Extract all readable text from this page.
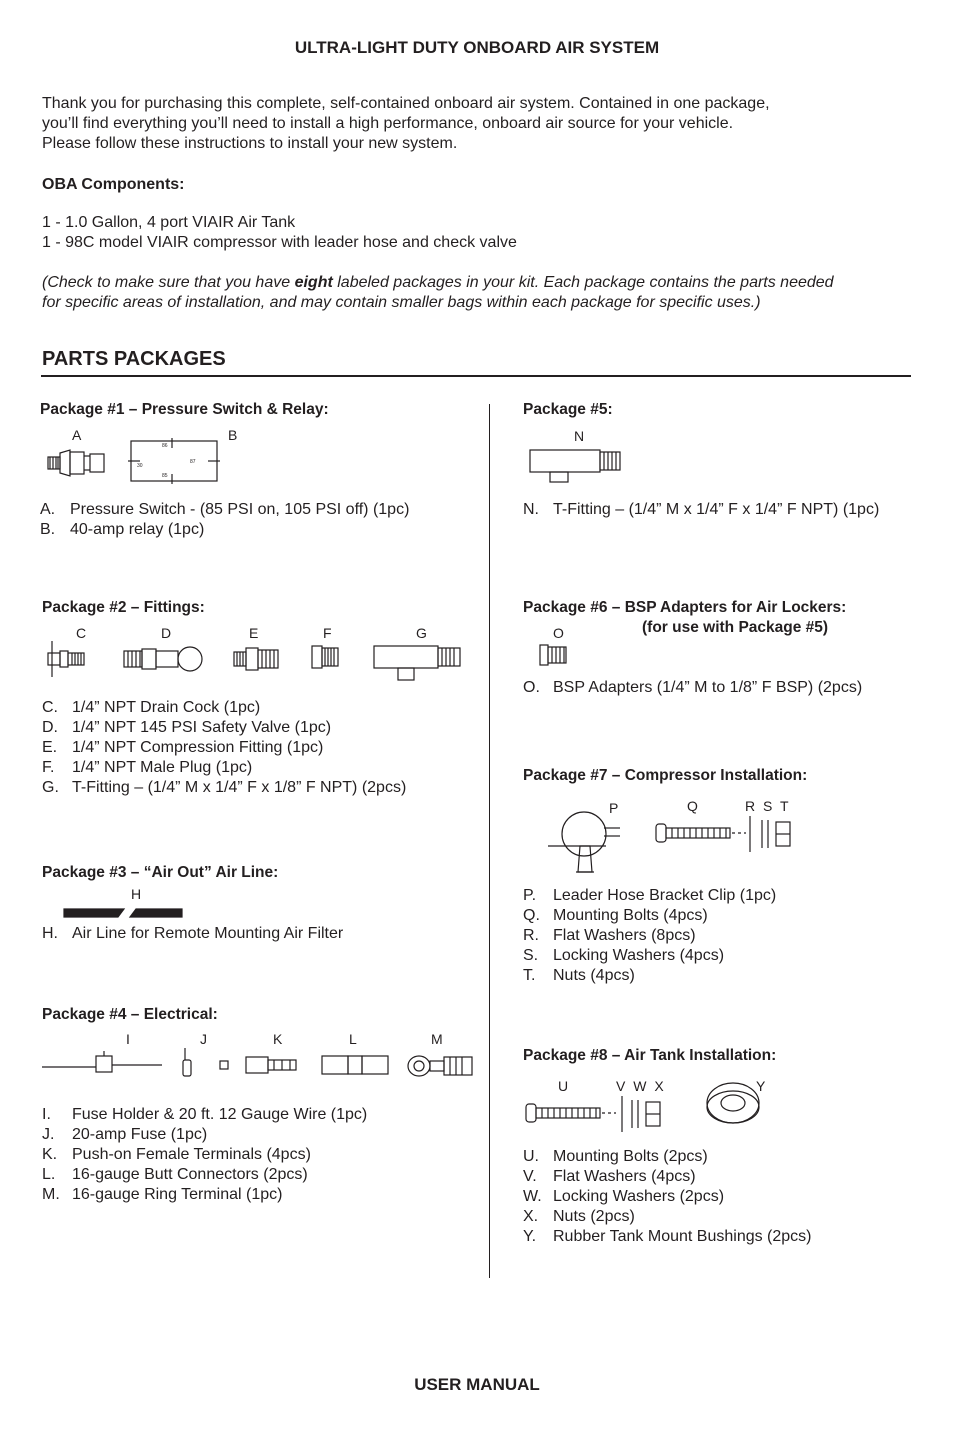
ULTRA-LIGHT DUTY ONBOARD AIR SYSTEM
Thank you for purchasing this complete, self-contained onboard air system. Contained in one package,
you’ll find everything you’ll need to install a high performance, onboard air source for your vehicle.
Please follow these instructions to install your new system.
OBA Components:
1 - 1.0 Gallon, 4 port VIAIR Air Tank
1 - 98C model VIAIR compressor with leader hose and check valve
(Check to make sure that you have eight labeled packages in your kit. Each package contains the parts needed
for specific areas of installation, and may contain smaller bags within each package for specific uses.)
PARTS PACKAGES
Package #1 – Pressure Switch & Relay:
A	B
86
30
87
85
A. Pressure Switch - (85 PSI on, 105 PSI off) (1pc)
B. 40-amp relay (1pc)
Package #2 – Fittings:
C	D	E	F	G
C. 1/4” NPT Drain Cock (1pc)
D. 1/4” NPT 145 PSI Safety Valve (1pc)
E. 1/4” NPT Compression Fitting (1pc)
F. 1/4” NPT Male Plug (1pc)
G. T-Fitting – (1/4” M x 1/4” F x 1/8” F NPT) (2pcs)
Package #3 – “Air Out” Air Line:
H
H. Air Line for Remote Mounting Air Filter
Package #4 – Electrical:
I	J	K	L	M
I. Fuse Holder & 20 ft. 12 Gauge Wire (1pc)
J. 20-amp Fuse (1pc)
K. Push-on Female Terminals (4pcs)
L. 16-gauge Butt Connectors (2pcs)
M. 16-gauge Ring Terminal (1pc)
Package #5:
N
N. T-Fitting – (1/4” M x 1/4” F x 1/4” F NPT) (1pc)
Package #6 – BSP Adapters for Air Lockers:
(for use with Package #5)
O
O. BSP Adapters (1/4” M to 1/8” F BSP) (2pcs)
Package #7 – Compressor Installation:
P	Q	R S T
P. Leader Hose Bracket Clip (1pc)
Q. Mounting Bolts (4pcs)
R. Flat Washers (8pcs)
S. Locking Washers (4pcs)
T. Nuts (4pcs)
Package #8 – Air Tank Installation:
U	V W X	Y
U. Mounting Bolts (2pcs)
V. Flat Washers (4pcs)
W. Locking Washers (2pcs)
X. Nuts (2pcs)
Y. Rubber Tank Mount Bushings (2pcs)
USER MANUAL
